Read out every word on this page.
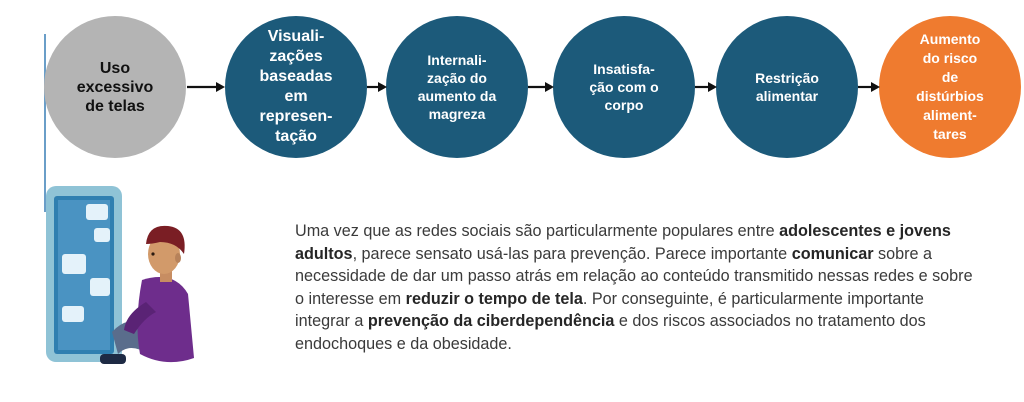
Uso
excessivo
de telas
Visuali-
zações
baseadas
em
represen-
tação
Internali-
zação do
aumento da
magreza
Insatisfa-
ção com o
corpo
Restrição
alimentar
Aumento
do risco
de
distúrbios
aliment-
tares
Uma vez que as redes sociais são particularmente populares entre adolescentes e jovens adultos, parece sensato usá-las para prevenção. Parece importante comunicar sobre a necessidade de dar um passo atrás em relação ao conteúdo transmitido nessas redes e sobre o interesse em reduzir o tempo de tela. Por conseguinte, é particularmente importante integrar a prevenção da ciberdependência e dos riscos associados no tratamento dos endochoques e da obesidade.
